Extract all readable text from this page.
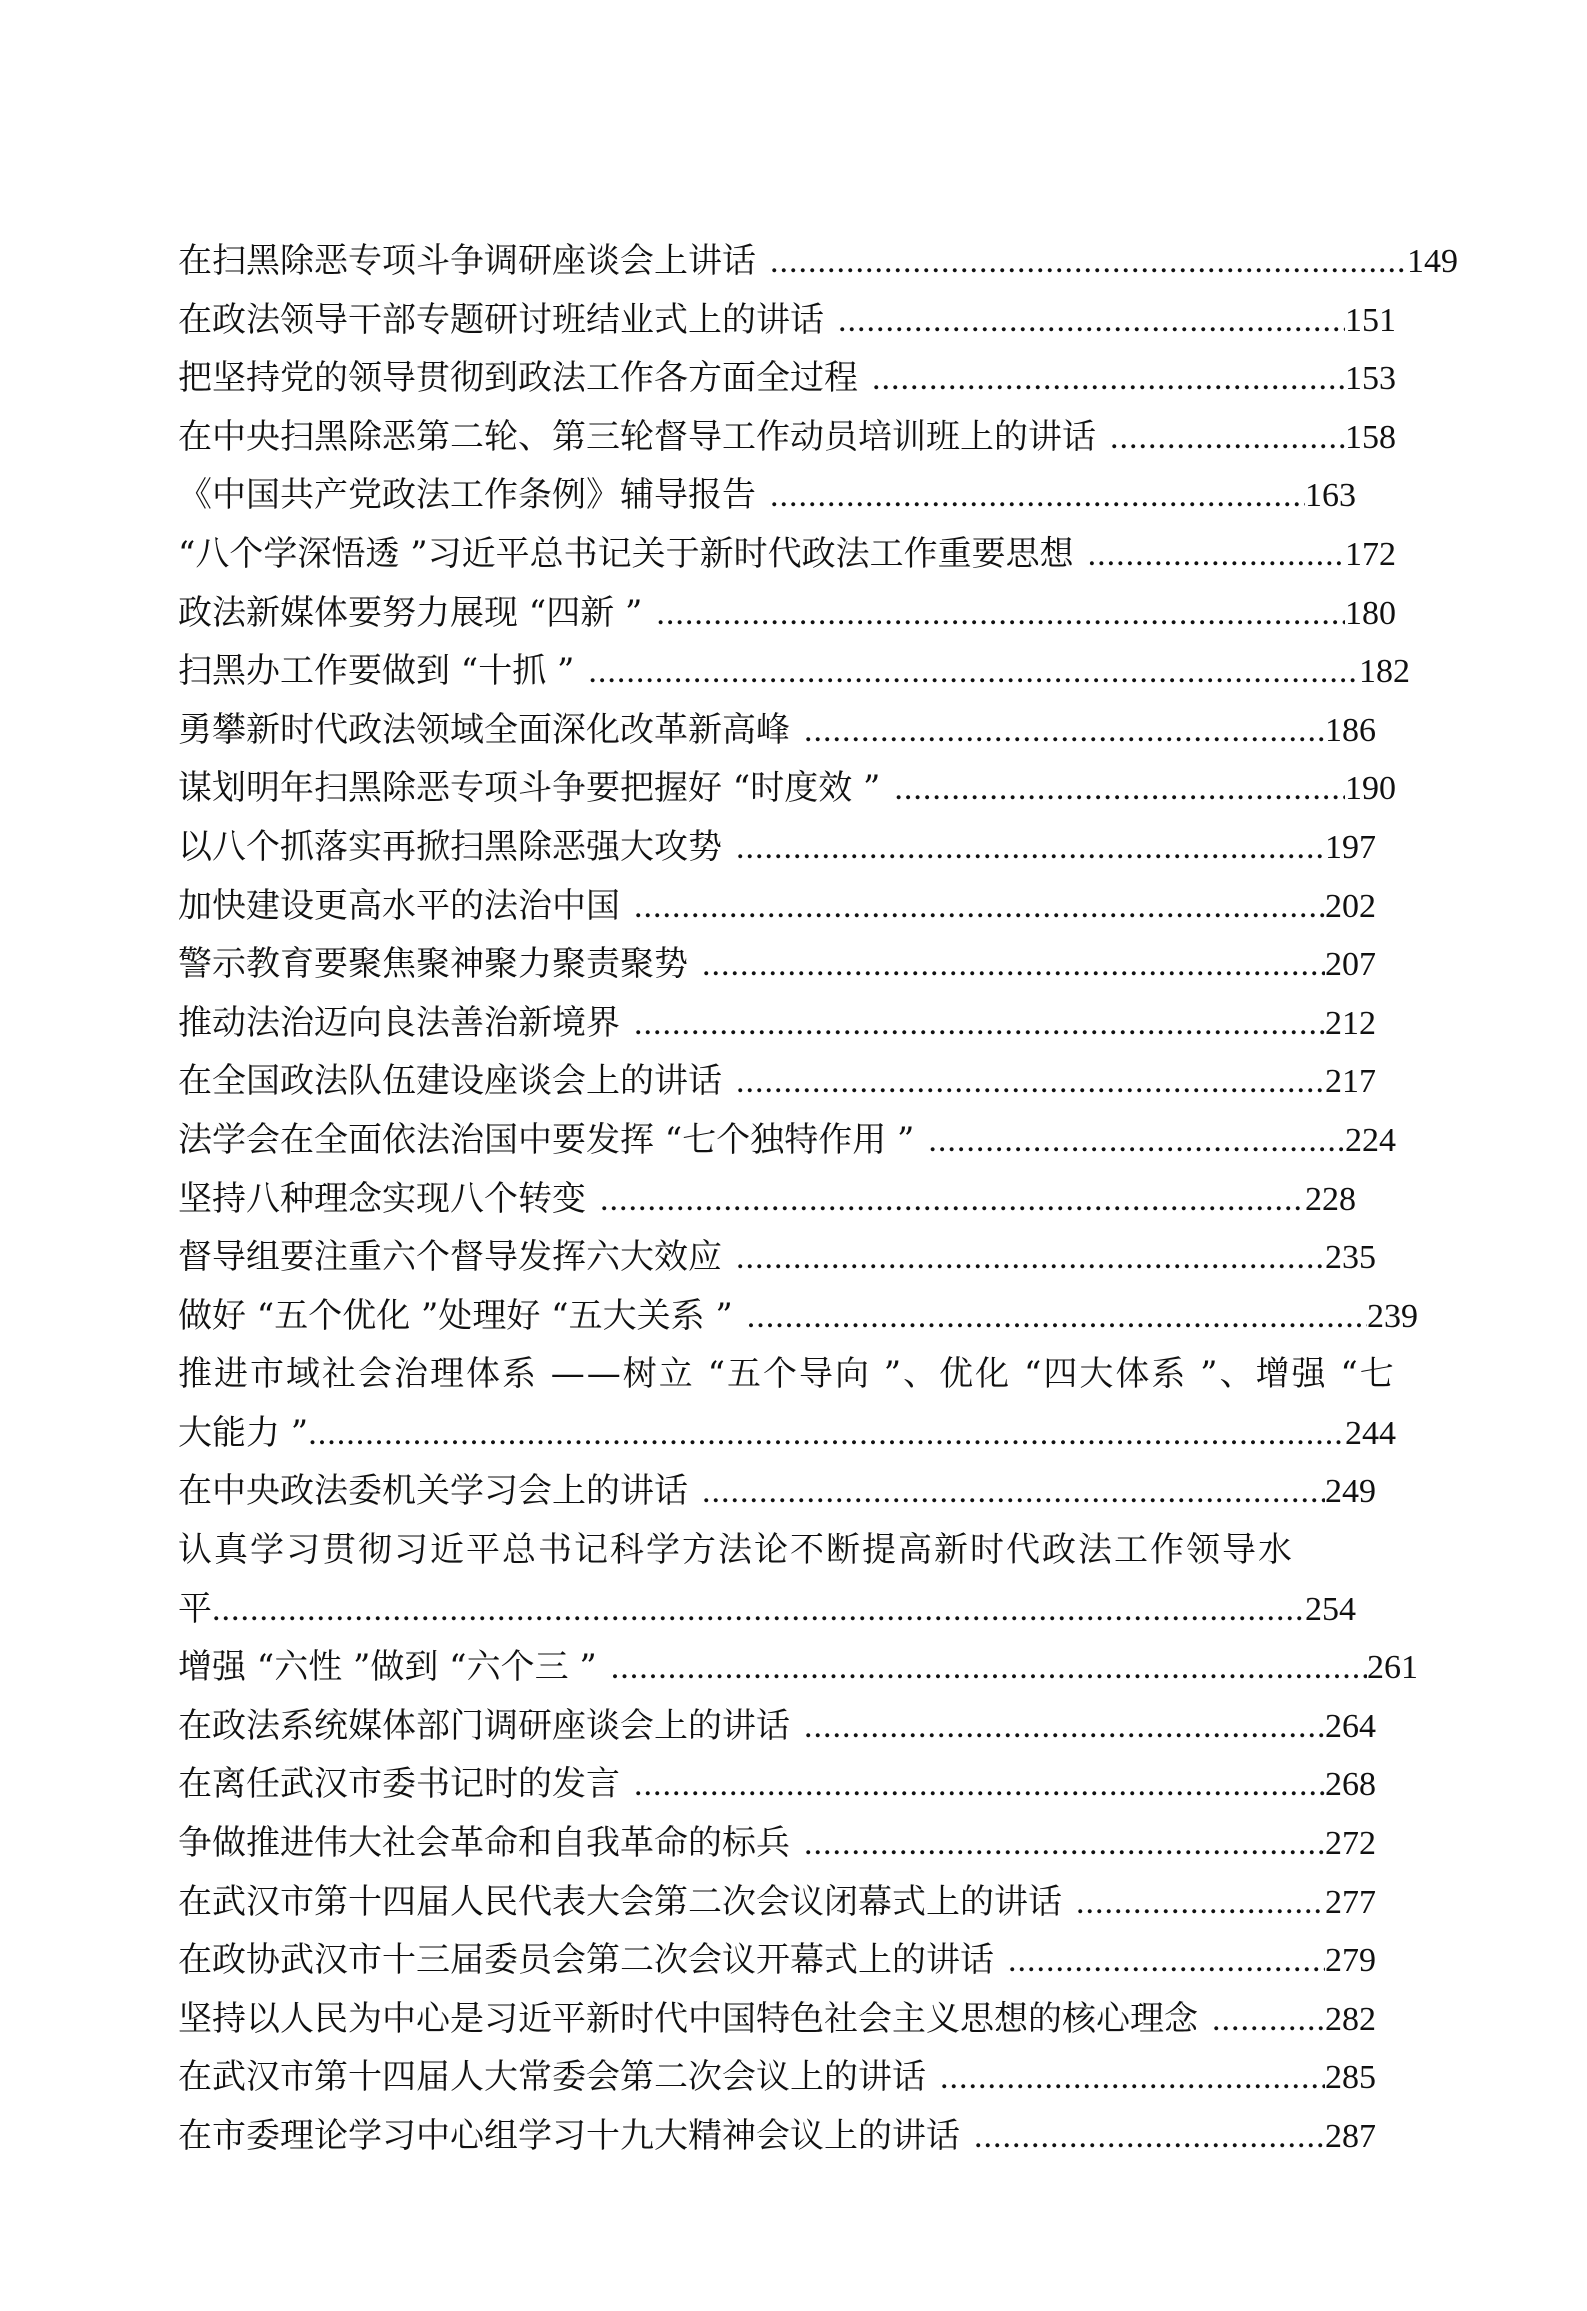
在扫黑除恶专项斗争调研座谈会上讲话 .....	149
在政法领导干部专题研讨班结业式上的讲话 .....	151
把坚持党的领导贯彻到政法工作各方面全过程 .....	153
在中央扫黑除恶第二轮、第三轮督导工作动员培训班上的讲话 .....	158
《中国共产党政法工作条例》辅导报告 .....	163
“八个学深悟透 ”习近平总书记关于新时代政法工作重要思想 .....	172
政法新媒体要努力展现 “四新 ” .....	180
扫黑办工作要做到 “十抓 ” .....	182
勇攀新时代政法领域全面深化改革新高峰 .....	186
谋划明年扫黑除恶专项斗争要把握好 “时度效 ” .....	190
以八个抓落实再掀扫黑除恶强大攻势 .....	197
加快建设更高水平的法治中国 .....	202
警示教育要聚焦聚神聚力聚责聚势 .....	207
推动法治迈向良法善治新境界 .....	212
在全国政法队伍建设座谈会上的讲话 .....	217
法学会在全面依法治国中要发挥 “七个独特作用 ” .....	224
坚持八种理念实现八个转变 .....	228
督导组要注重六个督导发挥六大效应 .....	235
做好 “五个优化 ”处理好 “五大关系 ” .....	239
推进市域社会治理体系 ——树立 “五个导向 ”、优化 “四大体系 ”、增强 “七
大能力 ” .....	244
在中央政法委机关学习会上的讲话 .....	249
认真学习贯彻习近平总书记科学方法论不断提高新时代政法工作领导水
平 .....	254
增强 “六性 ”做到 “六个三 ” .....	261
在政法系统媒体部门调研座谈会上的讲话 .....	264
在离任武汉市委书记时的发言 .....	268
争做推进伟大社会革命和自我革命的标兵 .....	272
在武汉市第十四届人民代表大会第二次会议闭幕式上的讲话 .....	277
在政协武汉市十三届委员会第二次会议开幕式上的讲话 .....	279
坚持以人民为中心是习近平新时代中国特色社会主义思想的核心理念 .....	282
在武汉市第十四届人大常委会第二次会议上的讲话 .....	285
在市委理论学习中心组学习十九大精神会议上的讲话 .....	287
